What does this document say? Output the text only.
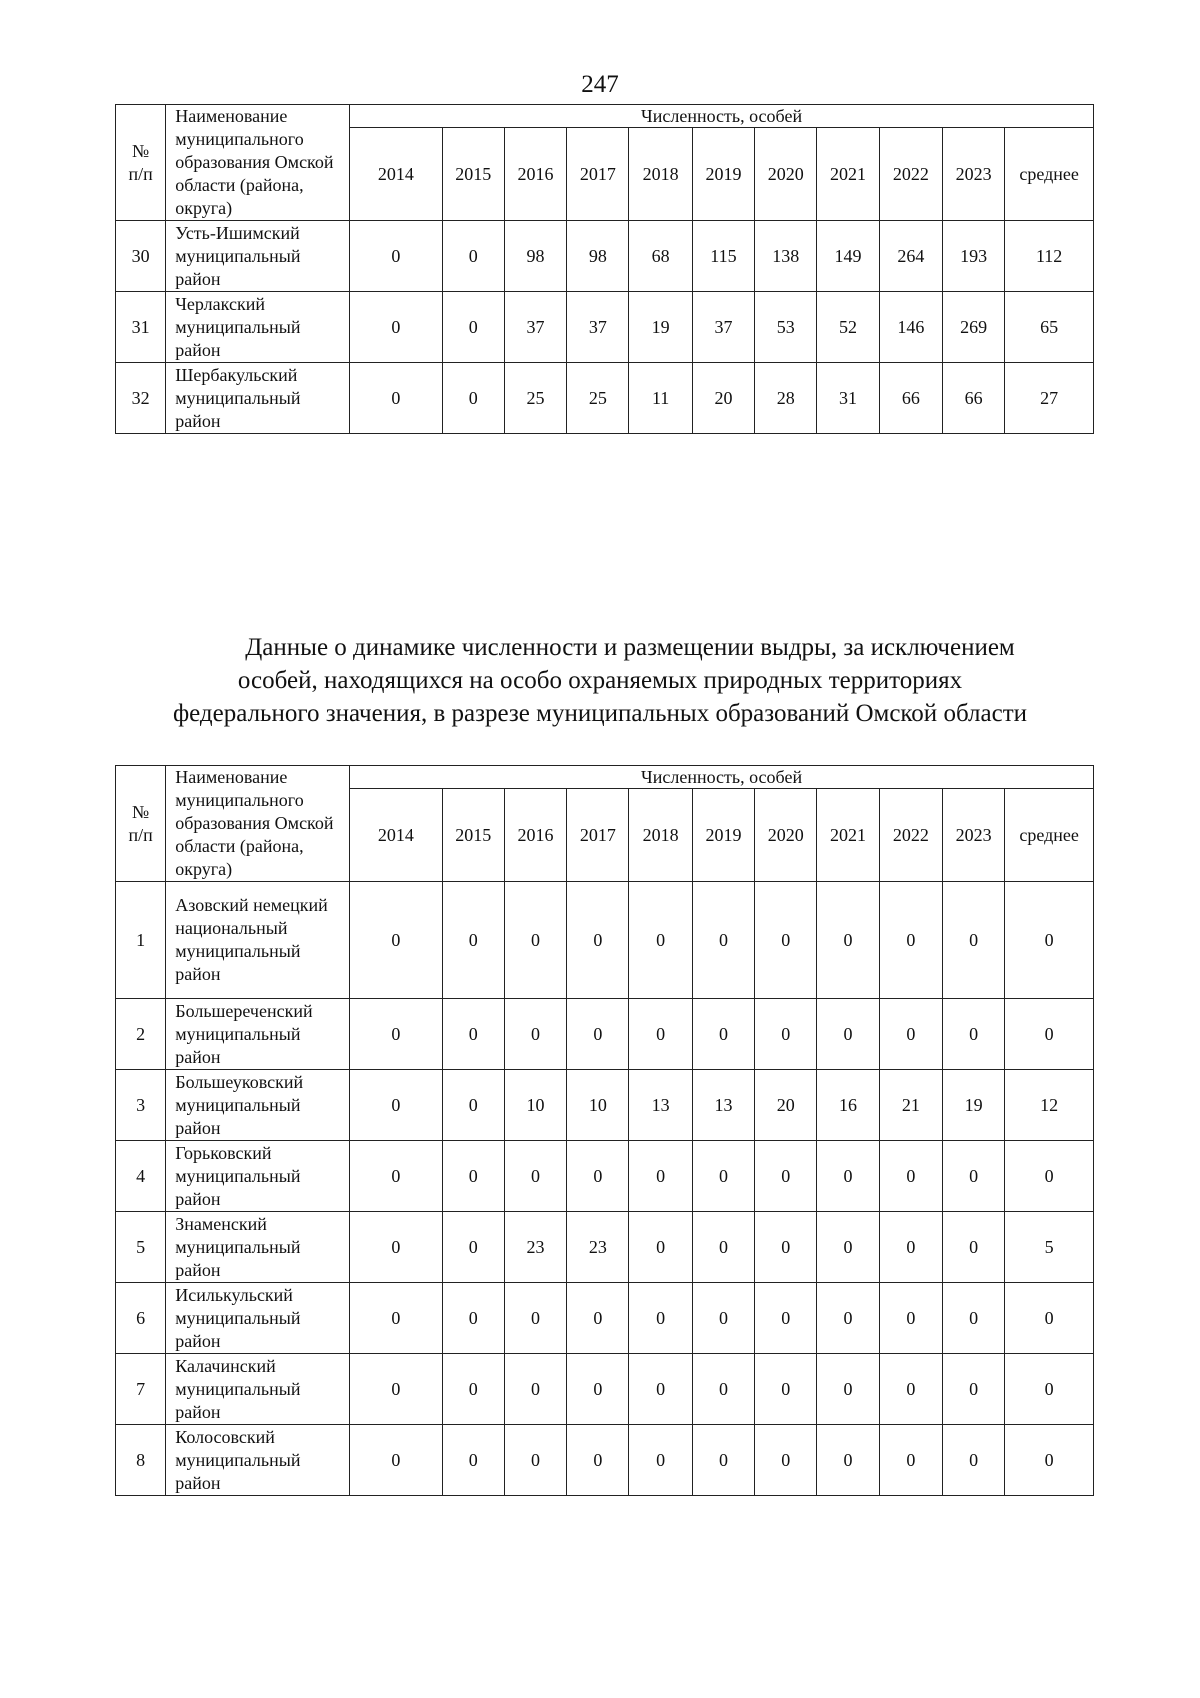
247
№
п/п	Наименование муниципального образования Омской области (района, округа)	Численность, особей										
		2014	2015	2016	2017	2018	2019	2020	2021	2022	2023	среднее
30	Усть-Ишимский муниципальный район	0	0	98	98	68	115	138	149	264	193	112
31	Черлакский муниципальный район	0	0	37	37	19	37	53	52	146	269	65
32	Шербакульский муниципальный район	0	0	25	25	11	20	28	31	66	66	27
Данные о динамике численности и размещении выдры, за исключением
особей, находящихся на особо охраняемых природных территориях
федерального значения, в разрезе муниципальных образований Омской области
№
п/п	Наименование муниципального образования Омской области (района, округа)	Численность, особей										
		2014	2015	2016	2017	2018	2019	2020	2021	2022	2023	среднее
1	Азовский немецкий национальный муниципальный район	0	0	0	0	0	0	0	0	0	0	0
2	Большереченский муниципальный район	0	0	0	0	0	0	0	0	0	0	0
3	Большеуковский муниципальный район	0	0	10	10	13	13	20	16	21	19	12
4	Горьковский муниципальный район	0	0	0	0	0	0	0	0	0	0	0
5	Знаменский муниципальный район	0	0	23	23	0	0	0	0	0	0	5
6	Исилькульский муниципальный район	0	0	0	0	0	0	0	0	0	0	0
7	Калачинский муниципальный район	0	0	0	0	0	0	0	0	0	0	0
8	Колосовский муниципальный район	0	0	0	0	0	0	0	0	0	0	0
